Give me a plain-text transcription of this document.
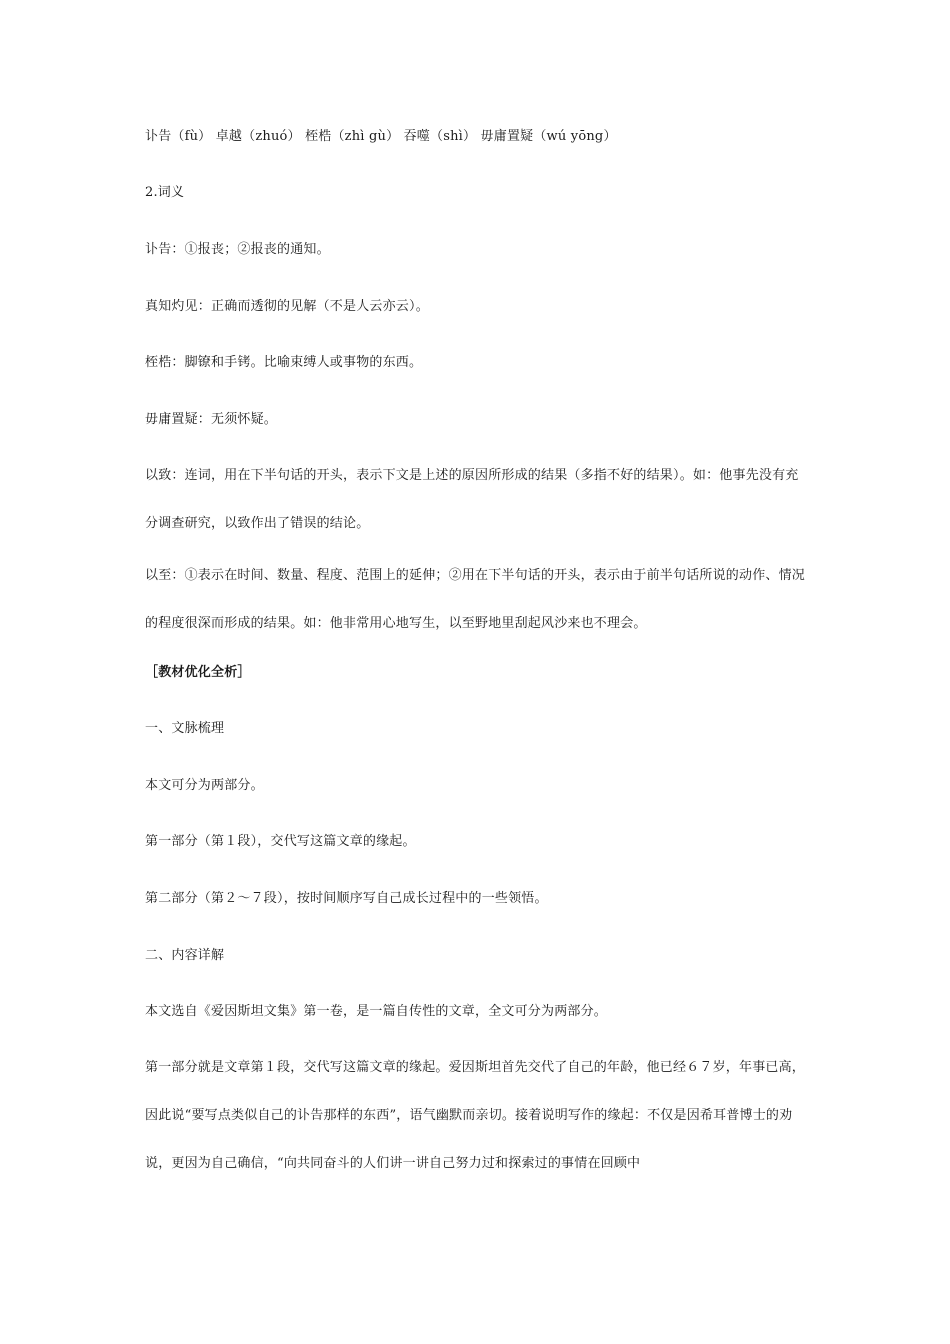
讣告（fù） 卓越（zhuó） 桎梏（zhì gù） 吞噬（shì） 毋庸置疑（wú yōng）
2.词义
讣告：①报丧；②报丧的通知。
真知灼见：正确而透彻的见解（不是人云亦云）。
桎梏：脚镣和手铐。比喻束缚人或事物的东西。
毋庸置疑：无须怀疑。

以致：连词，用在下半句话的开头，表示下文是上述的原因所形成的结果（多指不好的结果）。如：他事先没有充分调查研究，以致作出了错误的结论。

以至：①表示在时间、数量、程度、范围上的延伸；②用在下半句话的开头，表示由于前半句话所说的动作、情况的程度很深而形成的结果。如：他非常用心地写生，以至野地里刮起风沙来也不理会。

［教材优化全析］
一、文脉梳理
本文可分为两部分。
第一部分（第１段），交代写这篇文章的缘起。
第二部分（第２～７段），按时间顺序写自己成长过程中的一些领悟。
二、内容详解
本文选自《爱因斯坦文集》第一卷，是一篇自传性的文章，全文可分为两部分。

第一部分就是文章第１段，交代写这篇文章的缘起。爱因斯坦首先交代了自己的年龄，他已经６７岁，年事已高，因此说“要写点类似自己的讣告那样的东西”，语气幽默而亲切。接着说明写作的缘起：不仅是因希耳普博士的劝说，更因为自己确信，“向共同奋斗的人们讲一讲自己努力过和探索过的事情在回顾中
